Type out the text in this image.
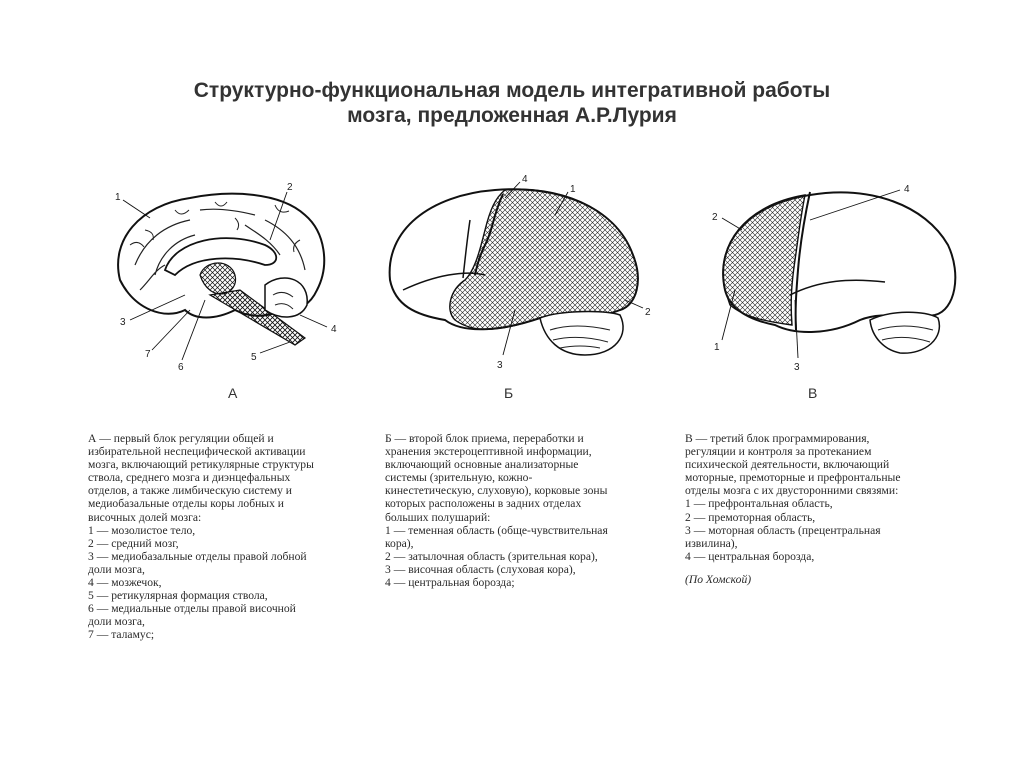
Структурно-функциональная модель интегративной работы
мозга, предложенная А.Р.Лурия
1
2
3
4
5
6
7
4
1
2
3
4
2
1
3
А	Б	В
А — первый блок регуляции общей и
избирательной неспецифической активации
мозга, включающий ретикулярные структуры
ствола, среднего мозга и диэнцефальных
отделов, а также лимбическую систему и
медиобазальные отделы коры лобных и
височных долей мозга:
1 — мозолистое тело,
2 — средний мозг,
3 — медиобазальные отделы правой лобной
доли мозга,
4 — мозжечок,
5 — ретикулярная формация ствола,
6 — медиальные отделы правой височной
доли мозга,
7 — таламус;
Б — второй блок приема, переработки и
хранения экстероцептивной информации,
включающий основные анализаторные
системы (зрительную, кожно-
кинестетическую, слуховую), корковые зоны
которых расположены в задних отделах
больших полушарий:
1 — теменная область (обще-чувствительная
кора),
2 — затылочная область (зрительная кора),
3 — височная область (слуховая кора),
4 — центральная борозда;
В — третий блок программирования,
регуляции и контроля за протеканием
психической деятельности, включающий
моторные, премоторные и префронтальные
отделы мозга с их двусторонними связями:
1 — префронтальная область,
2 — премоторная область,
3 — моторная область (прецентральная
извилина),
4 — центральная борозда,
(По Хомской)
